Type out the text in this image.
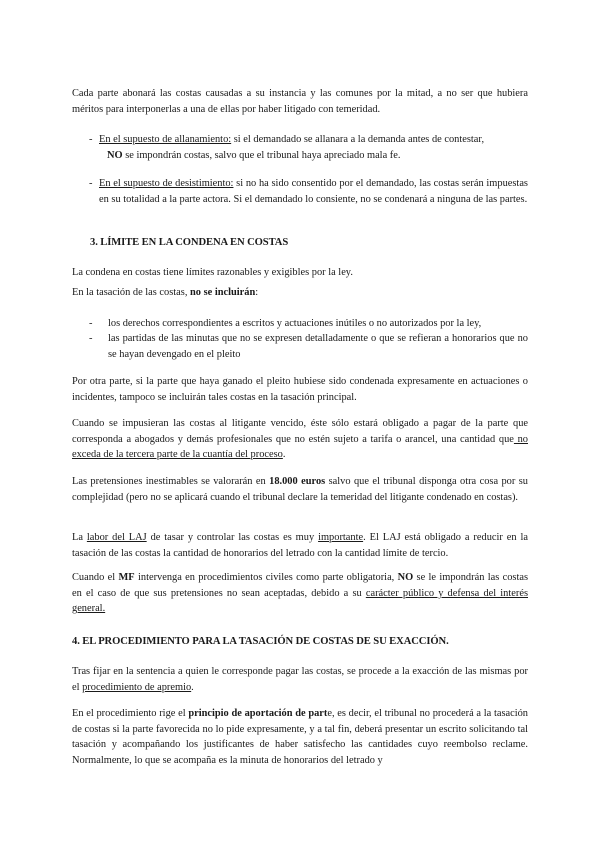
Cada parte abonará las costas causadas a su instancia y las comunes por la mitad, a no ser que hubiera méritos para interponerlas a una de ellas por haber litigado con temeridad.

- En el supuesto de allanamiento: si el demandado se allanara a la demanda antes de contestar,
NO se impondrán costas, salvo que el tribunal haya apreciado mala fe.
- En el supuesto de desistimiento: si no ha sido consentido por el demandado, las costas serán impuestas en su totalidad a la parte actora. Si el demandado lo consiente, no se condenará a ninguna de las partes.
3. LÍMITE EN LA CONDENA EN COSTAS

La condena en costas tiene límites razonables y exigibles por la ley.

En la tasación de las costas, no se incluirán:

-	los derechos correspondientes a escritos y actuaciones inútiles o no autorizados por la ley,
-	las partidas de las minutas que no se expresen detalladamente o que se refieran a honorarios que no se hayan devengado en el pleito

Por otra parte, si la parte que haya ganado el pleito hubiese sido condenada expresamente en actuaciones o incidentes, tampoco se incluirán tales costas en la tasación principal.

Cuando se impusieran las costas al litigante vencido, éste sólo estará obligado a pagar de la parte que corresponda a abogados y demás profesionales que no estén sujeto a tarifa o arancel, una cantidad que no exceda de la tercera parte de la cuantía del proceso.

Las pretensiones inestimables se valorarán en 18.000 euros salvo que el tribunal disponga otra cosa por su complejidad (pero no se aplicará cuando el tribunal declare la temeridad del litigante condenado en costas).

La labor del LAJ de tasar y controlar las costas es muy importante. El LAJ está obligado a reducir en la tasación de las costas la cantidad de honorarios del letrado con la cantidad límite de tercio.

Cuando el MF intervenga en procedimientos civiles como parte obligatoria, NO se le impondrán las costas en el caso de que sus pretensiones no sean aceptadas, debido a su carácter público y defensa del interés general.

4. EL PROCEDIMIENTO PARA LA TASACIÓN DE COSTAS DE SU EXACCIÓN.

Tras fijar en la sentencia a quien le corresponde pagar las costas, se procede a la exacción de las mismas por el procedimiento de apremio.

En el procedimiento rige el principio de aportación de parte, es decir, el tribunal no procederá a la tasación de costas si la parte favorecida no lo pide expresamente, y a tal fin, deberá presentar un escrito solicitando tal tasación y acompañando los justificantes de haber satisfecho las cantidades cuyo reembolso reclame. Normalmente, lo que se acompaña es la minuta de honorarios del letrado y
